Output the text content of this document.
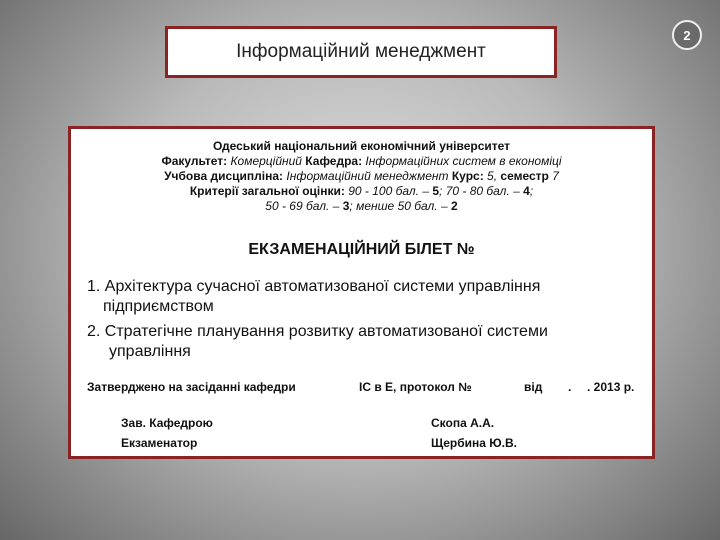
2
Інформаційний менеджмент
Одеський національний економічний університет
Факультет: Комерційний Кафедра: Інформаційних систем в економіці
Учбова дисципліна: Інформаційний менеджмент Курс: 5, семестр 7
Критерії загальної оцінки: 90 - 100 бал. – 5; 70 - 80 бал. – 4;
50 - 69 бал. – 3; менше 50 бал. – 2
ЕКЗАМЕНАЦІЙНИЙ БІЛЕТ №
1. Архітектура сучасної автоматизованої системи управління
підприємством
2. Стратегічне планування розвитку автоматизованої системи
управління
Затверджено на засіданні кафедри	ІС в Е, протокол №	від . . 2013 р.
Зав. Кафедрою	Скопа А.А.
Екзаменатор	Щербина Ю.В.
